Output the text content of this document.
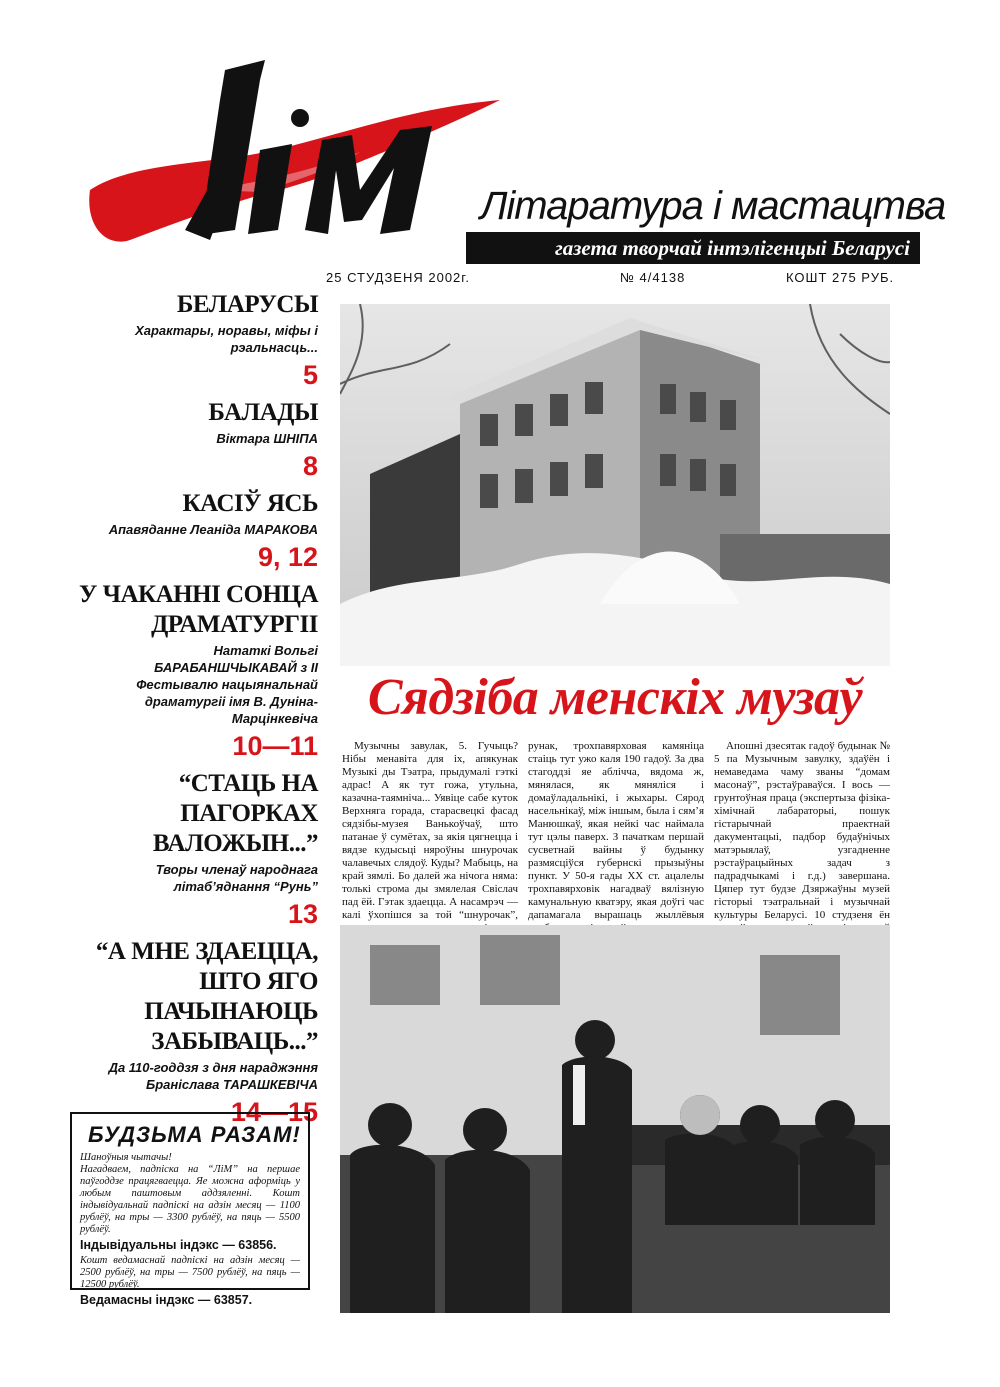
Літаратура і мастацтва
газета творчай інтэлігенцыі Беларусі
25 СТУДЗЕНЯ 2002г.	№ 4/4138	КОШТ 275 РУБ.
БЕЛАРУСЫ

Характары, норавы, міфы і рэальнасць...

5
БАЛАДЫ

Віктара ШНІПА

8
КАСІЎ ЯСЬ

Апавяданне Леаніда МАРАКОВА

9, 12
У ЧАКАННІ СОНЦА ДРАМАТУРГІІ

Нататкі Вольгі БАРАБАНШЧЫКАВАЙ з ІІ Фестывалю нацыянальнай драматургіі імя В. Дуніна-Марцінкевіча

10—11
“СТАЦЬ НА ПАГОРКАХ ВАЛОЖЫН...”

Творы членаў народнага літаб’яднання “Рунь”

13
“А МНЕ ЗДАЕЦЦА, ШТО ЯГО ПАЧЫНАЮЦЬ ЗАБЫВАЦЬ...”

Да 110-годдзя з дня нараджэння Браніслава ТАРАШКЕВІЧА

14—15
БУДЗЬМА РАЗАМ!

Шаноўныя чытачы!

Нагадваем, падпіска на “ЛіМ” на першае паўгоддзе працягваецца. Яе можна аформіць у любым паштовым аддзяленні. Кошт індывідуальнай падпіскі на адзін месяц — 1100 рублёў, на тры — 3300 рублёў, на пяць — 5500 рублёў.

Індывідуальны індэкс — 63856.

Кошт ведамаснай падпіскі на адзін месяц — 2500 рублёў, на тры — 7500 рублёў, на пяць — 12500 рублёў.

Ведамасны індэкс — 63857.
Сядзіба менскіх музаў

Музычны завулак, 5. Гучыць? Нібы менавіта для іх, апякунак Музыкі ды Тэатра, прыдумалі гэткі адрас! А як тут гожа, утульна, казачна-таямніча... Уявіце сабе куток Верхняга горада, старасвецкі фасад сядзібы-музея Ванькоўчаў, што патанае ў сумётах, за якія цягнецца і вядзе кудысьці няроўны шнурочак чалавечых слядоў. Куды? Мабыць, на край зямлі. Бо далей жа нічога няма: толькі строма ды змялелая Свіслач пад ёй. Гэтак здаецца. А насамрэч — калі ўхопішся за той “шнурочак”,

рунак, трохпавярховая камяніца стаіць тут ужо каля 190 гадоў. За два стагоддзі яе аблічча, вядома ж, мянялася, як мяняліся і домаўладальнікі, і жыхары. Сярод насельнікаў, між іншым, была і сям’я Манюшкаў, якая нейкі час наймала тут цэлы паверх. З пачаткам першай сусветнай вайны ў будынку размясціўся губернскі прызыўны пункт. У 50-я гады XX ст. ацалелы трохпавярховік нагадваў вялізную камунальную кватэру, якая доўгі час дапамагала вырашаць жыллёвыя

Апошні дзесятак гадоў будынак № 5 па Музычным завулку, здаўён і немаведама чаму званы “домам масонаў”, рэстаўраваўся. І вось — грунтоўная праца (экспертыза фізіка-хімічнай лабараторыі, пошук гістарычнай праектнай дакументацыі, падбор будаўнічых матэрыялаў, узгадненне рэстаўрацыйных задач з падрадчыкамі і г.д.) завершана. Цяпер тут будзе Дзяржаўны музей гісторыі тэатральнай і музычнай культуры Беларусі. 10 студзеня ён
